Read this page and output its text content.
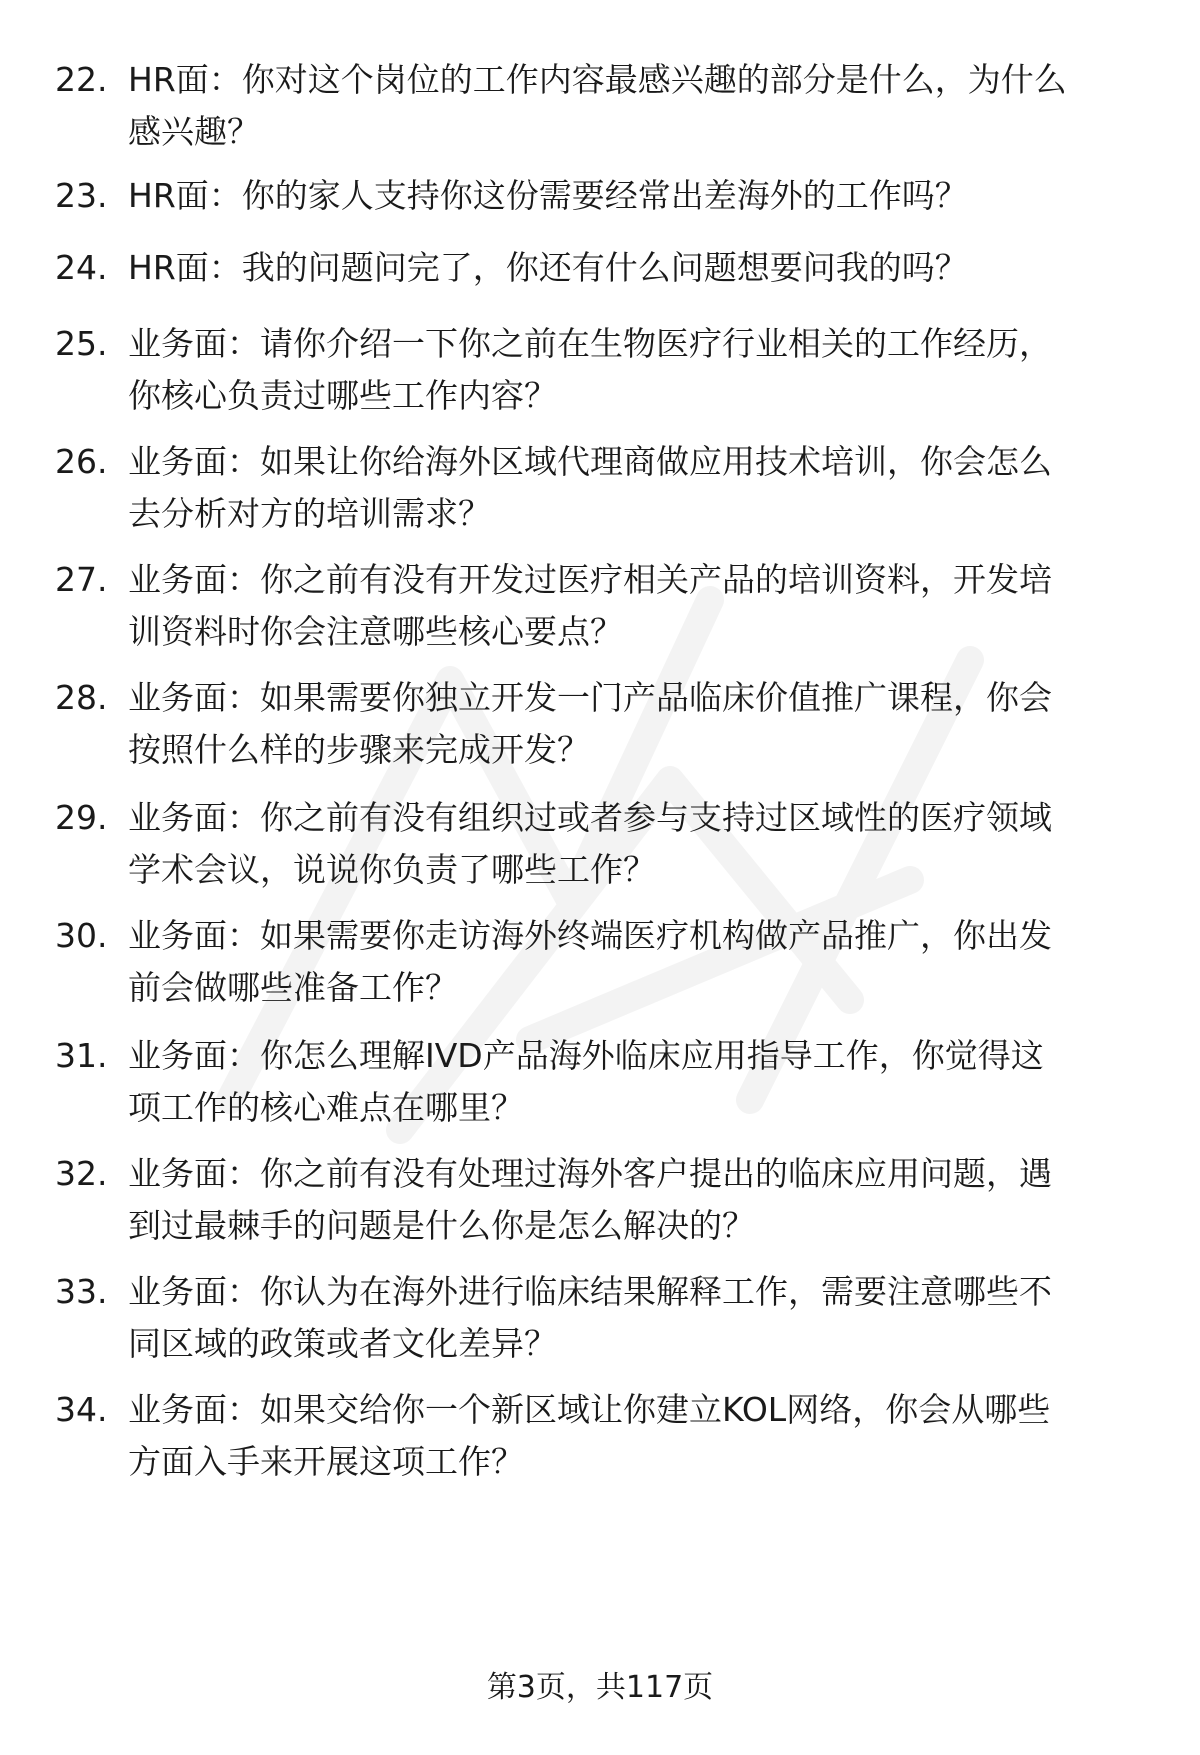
22. HR面：你对这个岗位的工作内容最感兴趣的部分是什么，为什么
感兴趣？
23. HR面：你的家人支持你这份需要经常出差海外的工作吗？
24. HR面：我的问题问完了，你还有什么问题想要问我的吗？
25. 业务面：请你介绍一下你之前在生物医疗行业相关的工作经历，
你核心负责过哪些工作内容？
26. 业务面：如果让你给海外区域代理商做应用技术培训，你会怎么
去分析对方的培训需求？
27. 业务面：你之前有没有开发过医疗相关产品的培训资料，开发培
训资料时你会注意哪些核心要点？
28. 业务面：如果需要你独立开发一门产品临床价值推广课程，你会
按照什么样的步骤来完成开发？
29. 业务面：你之前有没有组织过或者参与支持过区域性的医疗领域
学术会议，说说你负责了哪些工作？
30. 业务面：如果需要你走访海外终端医疗机构做产品推广，你出发
前会做哪些准备工作？
31. 业务面：你怎么理解IVD产品海外临床应用指导工作，你觉得这
项工作的核心难点在哪里？
32. 业务面：你之前有没有处理过海外客户提出的临床应用问题，遇
到过最棘手的问题是什么你是怎么解决的？
33. 业务面：你认为在海外进行临床结果解释工作，需要注意哪些不
同区域的政策或者文化差异？
34. 业务面：如果交给你一个新区域让你建立KOL网络，你会从哪些
方面入手来开展这项工作？
第3页，共117页
